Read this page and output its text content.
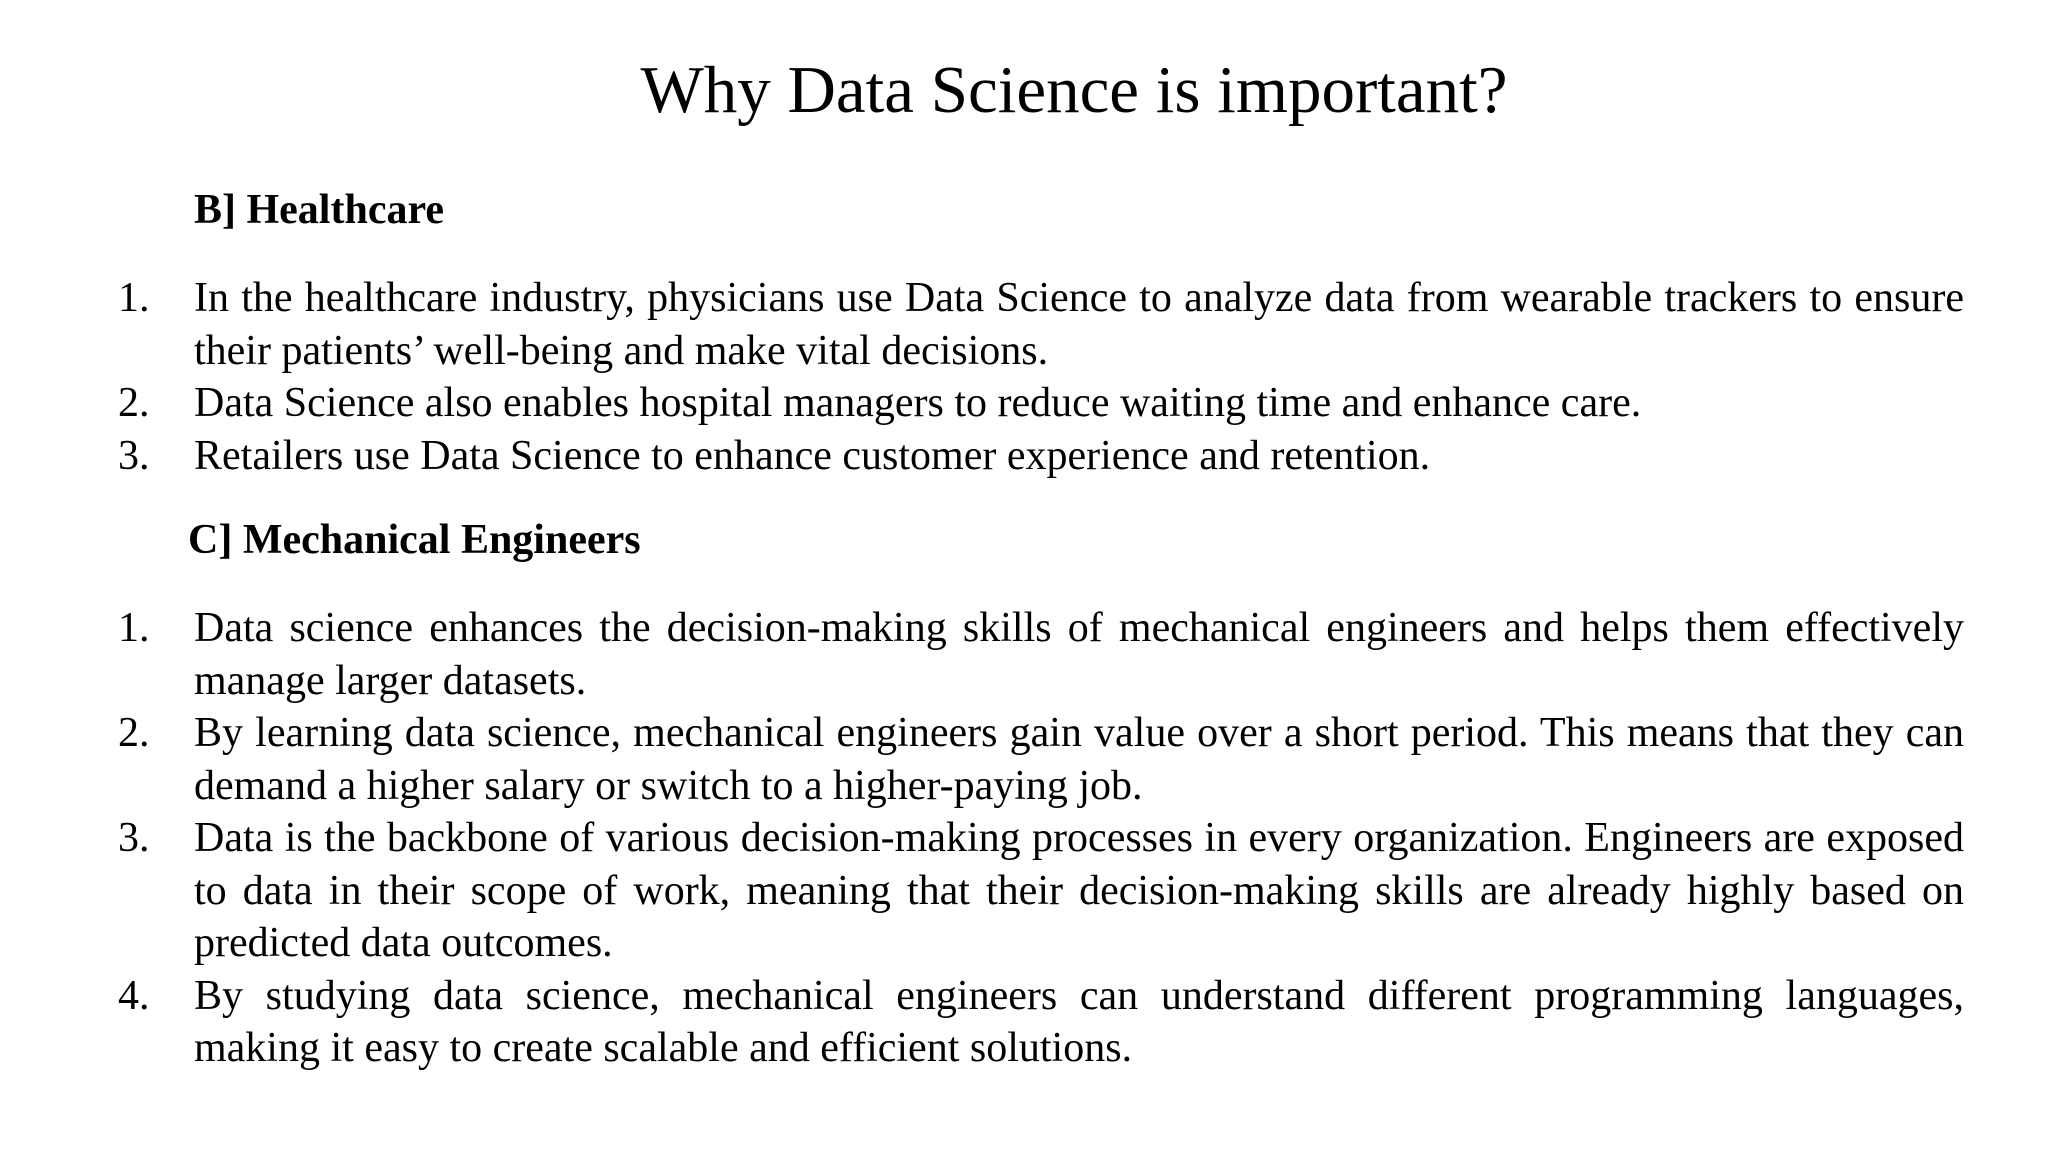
Why Data Science is important?
B] Healthcare
1. In the healthcare industry, physicians use Data Science to analyze data from wearable trackers to ensure their patients’ well-being and make vital decisions.
2. Data Science also enables hospital managers to reduce waiting time and enhance care.
3. Retailers use Data Science to enhance customer experience and retention.
C] Mechanical Engineers
1. Data science enhances the decision-making skills of mechanical engineers and helps them effectively manage larger datasets.
2. By learning data science, mechanical engineers gain value over a short period. This means that they can demand a higher salary or switch to a higher-paying job.
3. Data is the backbone of various decision-making processes in every organization. Engineers are exposed to data in their scope of work, meaning that their decision-making skills are already highly based on predicted data outcomes.
4. By studying data science, mechanical engineers can understand different programming languages, making it easy to create scalable and efficient solutions.
